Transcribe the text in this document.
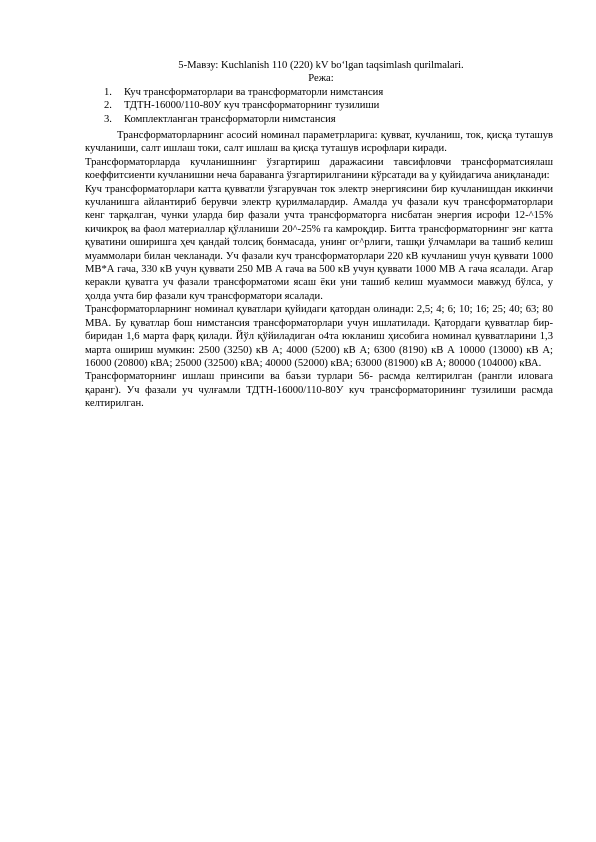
5-Мавзу: Kuchlanish 110 (220) kV bo‘lgan taqsimlash qurilmalari.
Режа:
1.	Куч трансформаторлари ва трансформаторли нимстансия
2.	ТДТН-16000/110-80У куч трансформаторнинг тузилиши
3.	Комплектланган трансформаторли нимстансия

Трансформаторларнинг асосий номинал параметрларига: қувват, кучланиш, ток, қисқа туташув кучланиши, салт ишлаш токи, салт ишлаш ва қисқа туташув исрофлари киради.

Трансформаторларда кучланишнинг ўзгартириш даражасини тавсифловчи трансформатсиялаш коеффитсиенти кучланишни неча бараванга ўзгартирилганини кўрсатади ва у қуйидагича аниқланади:

Куч трансформаторлари катта қувватли ўзгарувчан ток электр энергиясини бир кучланишдан иккинчи кучланишга айлантириб берувчи электр қурилмалардир. Амалда уч фазали куч трансформаторлари кенг тарқалган, чунки уларда бир фазали учта трансформаторга нисбатан энергия исрофи 12-^15% кичикроқ ва фаол материаллар қўлланиши 20^-25% га камроқдир. Битта трансформаторнинг энг катта қуватини оширишга ҳеч қандай толсиқ бонмасада, унинг ог^рлиги, ташқи ўлчамлари ва ташиб келиш муаммолари билан чекланади. Уч фазали куч трансформаторлари 220 кВ кучланиш учун қуввати 1000 МВ*А гача, 330 кВ учун қуввати 250 МВ А гача ва 500 кВ учун қуввати 1000 МВ А гача ясалади. Агар керакли қуватга уч фазали трансформатоми ясаш ёки уни ташиб келиш муаммоси мавжуд бўлса, у ҳолда учта бир фазали куч трансформатори ясалади.

Трансформаторларнинг номинал қуватлари қуйидаги қатордан олинади: 2,5; 4; 6; 10; 16; 25; 40; 63; 80 МВА. Бу қуватлар бош нимстансия трансформаторлари учун ишлатилади. Қатордаги қувватлар бир-биридан 1,6 марта фарқ қилади. Йўл қўйиладиган о4та юкланиш ҳисобига номинал қувватларини 1,3 марта ошириш мумкин: 2500 (3250) кВ А; 4000 (5200) кВ А; 6300 (8190) кВ А 10000 (13000) кВ А; 16000 (20800) кВА; 25000 (32500) кВА; 40000 (52000) кВА; 63000 (81900) кВ А; 80000 (104000) кВА.

Трансформаторнинг ишлаш принсипи ва баъзи турлари 56- расмда келтирилган (рангли иловага қаранг). Уч фазали уч чулғамли ТДТН-16000/110-80У куч трансформаторининг тузилиши расмда келтирилган.
